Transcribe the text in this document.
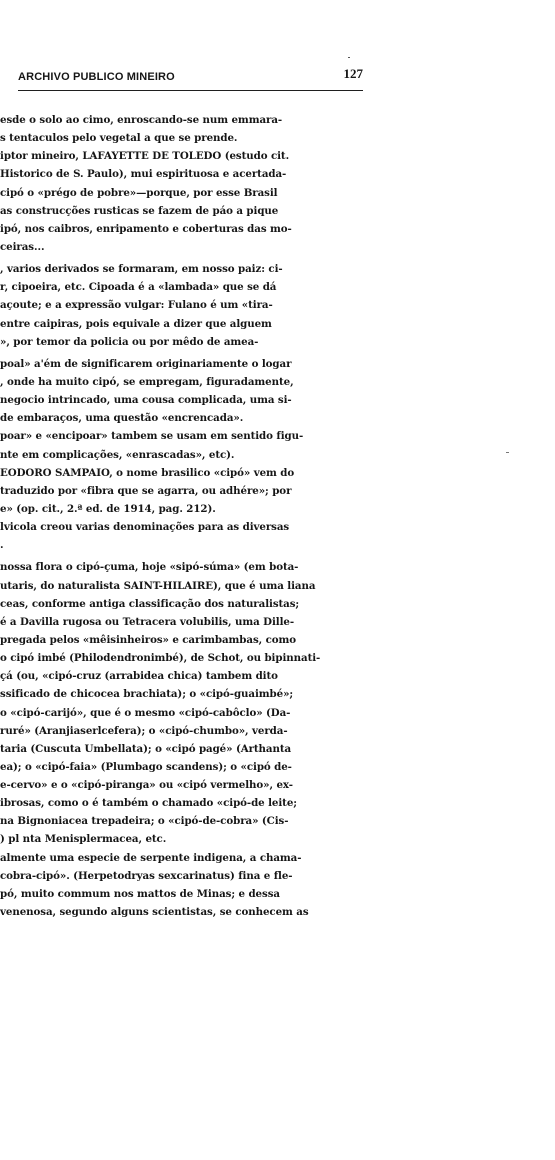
ARCHIVO PUBLICO MINEIRO	127
esde o solo ao cimo, enroscando-se num emmara-
s tentaculos pelo vegetal a que se prende.
iptor mineiro, LAFAYETTE DE TOLEDO (estudo cit.
Historico de S. Paulo), mui espirituosa e acertada-
cipó o «prégo de pobre»—porque, por esse Brasil
as construcções rusticas se fazem de páo a pique
ipó, nos caibros, enripamento e coberturas das mo-
ceiras...
, varios derivados se formaram, em nosso paiz: ci-
r, cipoeira, etc. Cipoada é a «lambada» que se dá
açoute; e a expressão vulgar: Fulano é um «tira-
entre caipiras, pois equivale a dizer que alguem
», por temor da policia ou por mêdo de amea-
poal» a'ém de significarem originariamente o logar
, onde ha muito cipó, se empregam, figuradamente,
negocio intrincado, uma cousa complicada, uma si-
de embaraços, uma questão «encrencada».
poar» e «encipoar» tambem se usam em sentido figu-
nte em complicações, «enrascadas», etc).
EODORO SAMPAIO, o nome brasilico «cipó» vem do
traduzido por «fibra que se agarra, ou adhére»; por
e» (op. cit., 2.ª ed. de 1914, pag. 212).
lvicola creou varias denominações para as diversas
.
nossa flora o cipó-çuma, hoje «sipó-súma» (em bota-
utaris, do naturalista SAINT-HILAIRE), que é uma liana
ceas, conforme antiga classificação dos naturalistas;
é a Davilla rugosa ou Tetracera volubilis, uma Dille-
pregada pelos «mêisinheiros» e carimbambas, como
o cipó imbé (Philodendronimbé), de Schot, ou bipinnati-
çá (ou, «cipó-cruz (arrabidea chica) tambem dito
ssificado de chicocea brachiata); o «cipó-guaimbé»;
o «cipó-carijó», que é o mesmo «cipó-cabôclo» (Da-
ruré» (Aranjiaserlcefera); o «cipó-chumbo», verda-
taria (Cuscuta Umbellata); o «cipó pagé» (Arthanta
ea); o «cipó-faia» (Plumbago scandens); o «cipó de-
e-cervo» e o «cipó-piranga» ou «cipó vermelho», ex-
ibrosas, como o é também o chamado «cipó-de leite;
na Bignoniacea trepadeira; o «cipó-de-cobra» (Cis-
) pl nta Menisplermacea, etc.
almente uma especie de serpente indigena, a chama-
cobra-cipó». (Herpetodryas sexcarinatus) fina e fle-
pó, muito commum nos mattos de Minas; e dessa
venenosa, segundo alguns scientistas, se conhecem as
